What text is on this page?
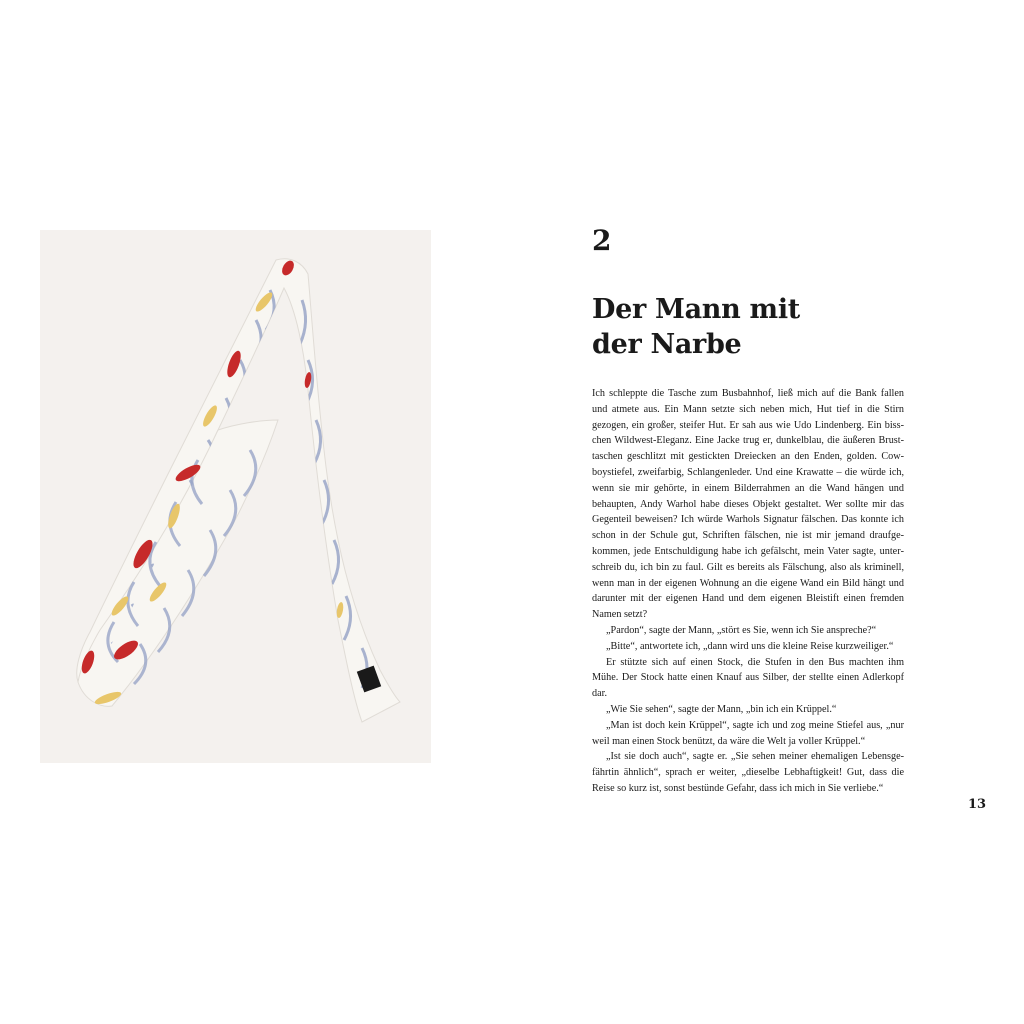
2
Der Mann mit
der Narbe

Ich schleppte die Tasche zum Busbahnhof, ließ mich auf die Bank fallen und atmete aus. Ein Mann setzte sich neben mich, Hut tief in die Stirn gezogen, ein großer, steifer Hut. Er sah aus wie Udo Lindenberg. Ein bisschen Wildwest-Eleganz. Eine Jacke trug er, dunkelblau, die äußeren Brusttaschen geschlitzt mit gestickten Dreiecken an den Enden, golden. Cowboystiefel, zweifarbig, Schlangenleder. Und eine Krawatte – die würde ich, wenn sie mir gehörte, in einem Bilderrahmen an die Wand hängen und behaupten, Andy Warhol habe dieses Objekt gestaltet. Wer sollte mir das Gegenteil beweisen? Ich würde Warhols Signatur fälschen. Das konnte ich schon in der Schule gut, Schriften fälschen, nie ist mir jemand draufgekommen, jede Entschuldigung habe ich gefälscht, mein Vater sagte, unterschreib du, ich bin zu faul. Gilt es bereits als Fälschung, also als kriminell, wenn man in der eigenen Wohnung an die eigene Wand ein Bild hängt und darunter mit der eigenen Hand und dem eigenen Bleistift einen fremden Namen setzt?

„Pardon“, sagte der Mann, „stört es Sie, wenn ich Sie anspreche?“

„Bitte“, antwortete ich, „dann wird uns die kleine Reise kurzweiliger.“

Er stützte sich auf einen Stock, die Stufen in den Bus machten ihm Mühe. Der Stock hatte einen Knauf aus Silber, der stellte einen Adlerkopf dar.

„Wie Sie sehen“, sagte der Mann, „bin ich ein Krüppel.“

„Man ist doch kein Krüppel“, sagte ich und zog meine Stiefel aus, „nur weil man einen Stock benützt, da wäre die Welt ja voller Krüppel.“

„Ist sie doch auch“, sagte er. „Sie sehen meiner ehemaligen Lebensgefährtin ähnlich“, sprach er weiter, „dieselbe Lebhaftigkeit! Gut, dass die Reise so kurz ist, sonst bestünde Gefahr, dass ich mich in Sie verliebe.“

13
